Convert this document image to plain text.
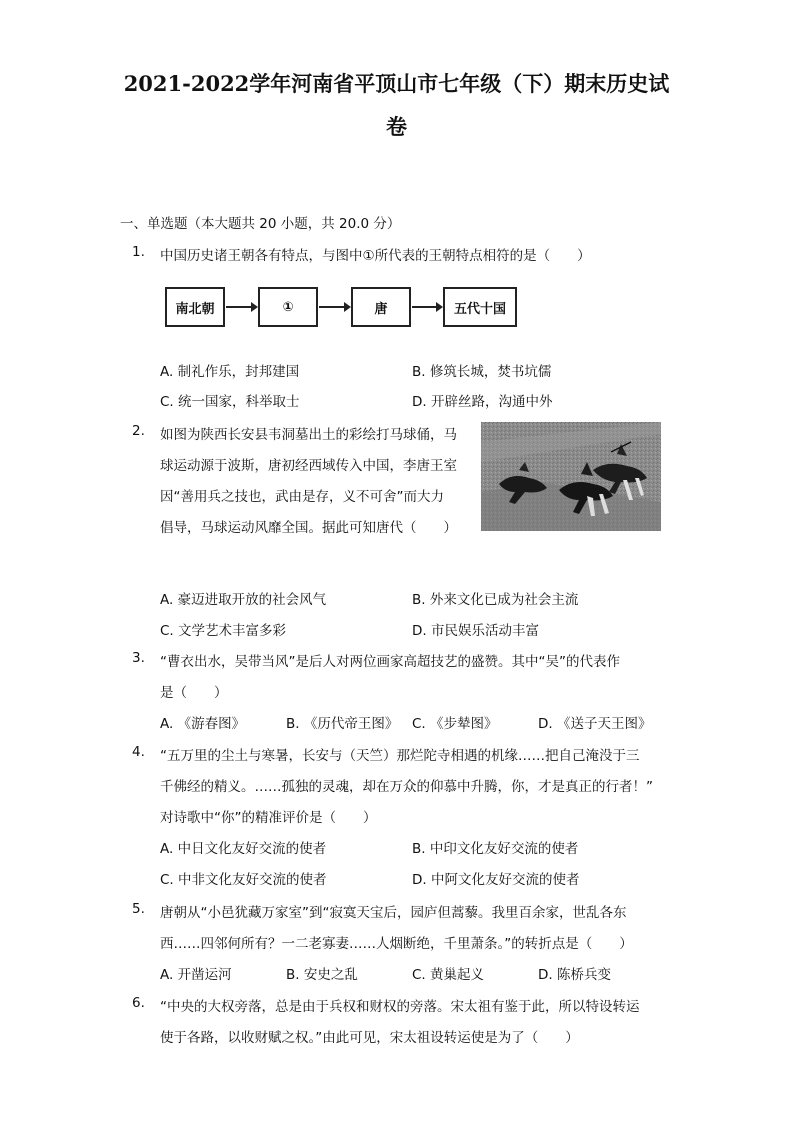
2021-2022学年河南省平顶山市七年级（下）期末历史试
卷
一、单选题（本大题共 20 小题，共 20.0 分）
1. 中国历史诸王朝各有特点，与图中①所代表的王朝特点相符的是（　　）
南北朝	①	唐	五代十国
A. 制礼作乐，封邦建国	B. 修筑长城，焚书坑儒
C. 统一国家，科举取士	D. 开辟丝路，沟通中外
2. 如图为陕西长安县韦洞墓出土的彩绘打马球俑，马
球运动源于波斯，唐初经西域传入中国，李唐王室
因“善用兵之技也，武由是存，义不可舍”而大力
倡导，马球运动风靡全国。据此可知唐代（　　）
A. 豪迈进取开放的社会风气	B. 外来文化已成为社会主流
C. 文学艺术丰富多彩	D. 市民娱乐活动丰富
3. “曹衣出水，吴带当风”是后人对两位画家高超技艺的盛赞。其中“吴”的代表作
是（　　）
A. 《游春图》	B. 《历代帝王图》 C. 《步辇图》	D. 《送子天王图》
4. “五万里的尘土与寒暑，长安与（天竺）那烂陀寺相遇的机缘……把自己淹没于三
千佛经的精义。……孤独的灵魂，却在万众的仰慕中升腾，你，才是真正的行者！”
对诗歌中“你”的精准评价是（　　）
A. 中日文化友好交流的使者	B. 中印文化友好交流的使者
C. 中非文化友好交流的使者	D. 中阿文化友好交流的使者
5. 唐朝从“小邑犹藏万家室”到“寂寞天宝后，园庐但蒿藜。我里百余家，世乱各东
西……四邻何所有？一二老寡妻……人烟断绝，千里萧条。”的转折点是（　　）
A. 开凿运河	B. 安史之乱	C. 黄巢起义	D. 陈桥兵变
6. “中央的大权旁落，总是由于兵权和财权的旁落。宋太祖有鉴于此，所以特设转运
使于各路，以收财赋之权。”由此可见，宋太祖设转运使是为了（　　）
